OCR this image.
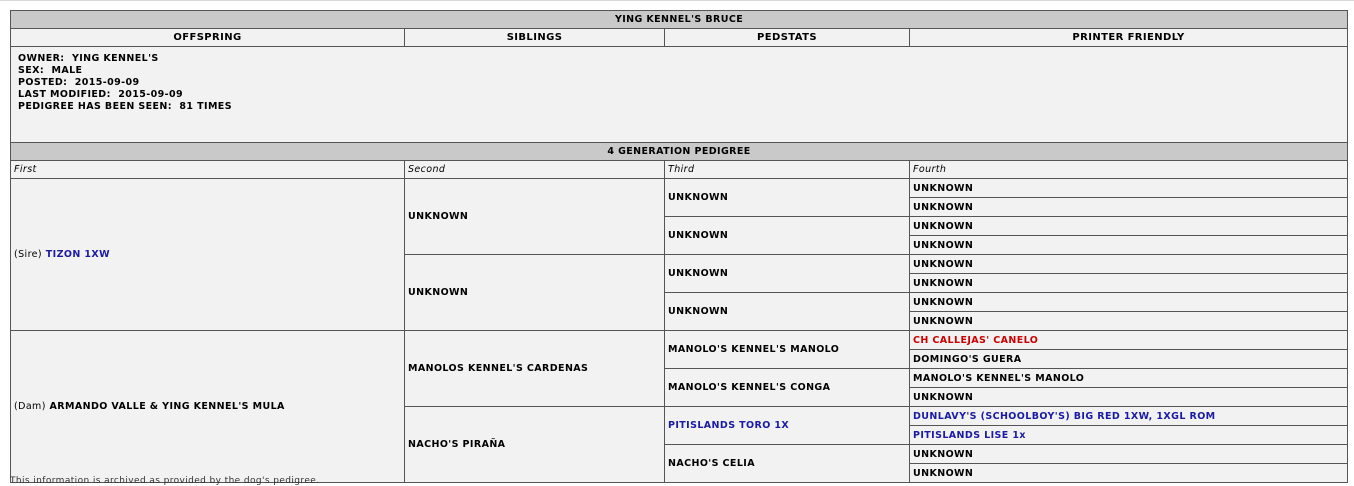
YING KENNEL'S BRUCE			
OFFSPRING	SIBLINGS	PEDSTATS	PRINTER FRIENDLY

OWNER: YING KENNEL'S
SEX: MALE
POSTED: 2015-09-09
LAST MODIFIED: 2015-09-09
PEDIGREE HAS BEEN SEEN: 81 TIMES			

4 GENERATION PEDIGREE			
First	Second	Third	Fourth
(Sire) TIZON 1XW	UNKNOWN	UNKNOWN	UNKNOWN
			UNKNOWN
		UNKNOWN	UNKNOWN
			UNKNOWN
	UNKNOWN	UNKNOWN	UNKNOWN
			UNKNOWN
		UNKNOWN	UNKNOWN
			UNKNOWN
(Dam) ARMANDO VALLE & YING KENNEL'S MULA	MANOLOS KENNEL'S CARDENAS	MANOLO'S KENNEL'S MANOLO	CH CALLEJAS' CANELO
			DOMINGO'S GUERA
		MANOLO'S KENNEL'S CONGA	MANOLO'S KENNEL'S MANOLO
			UNKNOWN
	NACHO'S PIRAÑA	PITISLANDS TORO 1X	DUNLAVY'S (SCHOOLBOY'S) BIG RED 1XW, 1XGL ROM
			PITISLANDS LISE 1x
		NACHO'S CELIA	UNKNOWN
			UNKNOWN
This information is archived as provided by the dog's pedigree.
